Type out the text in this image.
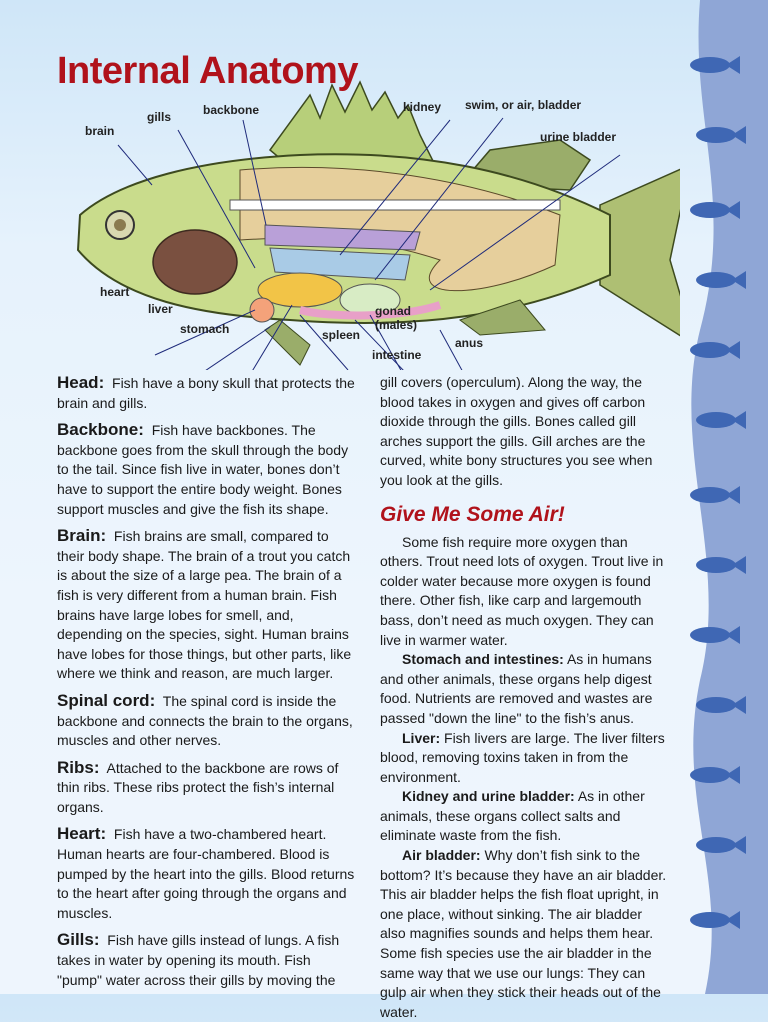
Internal Anatomy
gills	backbone	kidney swim, or air, bladder
brain	urine bladder
heart
liver
stomach	spleen
gonad
(males)
anus
intestine

Head: Fish have a bony skull that protects the brain and gills.

Backbone: Fish have backbones. The backbone goes from the skull through the body to the tail. Since fish live in water, bones don’t have to support the entire body weight. Bones support muscles and give the fish its shape.

Brain: Fish brains are small, compared to their body shape. The brain of a trout you catch is about the size of a large pea. The brain of a fish is very different from a human brain. Fish brains have large lobes for smell, and, depending on the species, sight. Human brains have lobes for those things, but other parts, like where we think and reason, are much larger.

Spinal cord: The spinal cord is inside the backbone and connects the brain to the organs, muscles and other nerves.

Ribs: Attached to the backbone are rows of thin ribs. These ribs protect the fish’s internal organs.

Heart: Fish have a two-chambered heart. Human hearts are four-chambered. Blood is pumped by the heart into the gills. Blood returns to the heart after going through the organs and muscles.

Gills: Fish have gills instead of lungs. A fish takes in water by opening its mouth. Fish "pump" water across their gills by moving the

gill covers (operculum). Along the way, the blood takes in oxygen and gives off carbon dioxide through the gills. Bones called gill arches support the gills. Gill arches are the curved, white bony structures you see when you look at the gills.

Give Me Some Air!

Some fish require more oxygen than others. Trout need lots of oxygen. Trout live in colder water because more oxygen is found there. Other fish, like carp and largemouth bass, don’t need as much oxygen. They can live in warmer water.

Stomach and intestines: As in humans and other animals, these organs help digest food. Nutrients are removed and wastes are passed "down the line" to the fish’s anus.

Liver: Fish livers are large. The liver filters blood, removing toxins taken in from the environment.

Kidney and urine bladder: As in other animals, these organs collect salts and eliminate waste from the fish.

Air bladder: Why don’t fish sink to the bottom? It’s because they have an air bladder. This air bladder helps the fish float upright, in one place, without sinking. The air bladder also magnifies sounds and helps them hear. Some fish species use the air bladder in the same way that we use our lungs: They can gulp air when they stick their heads out of the water.
